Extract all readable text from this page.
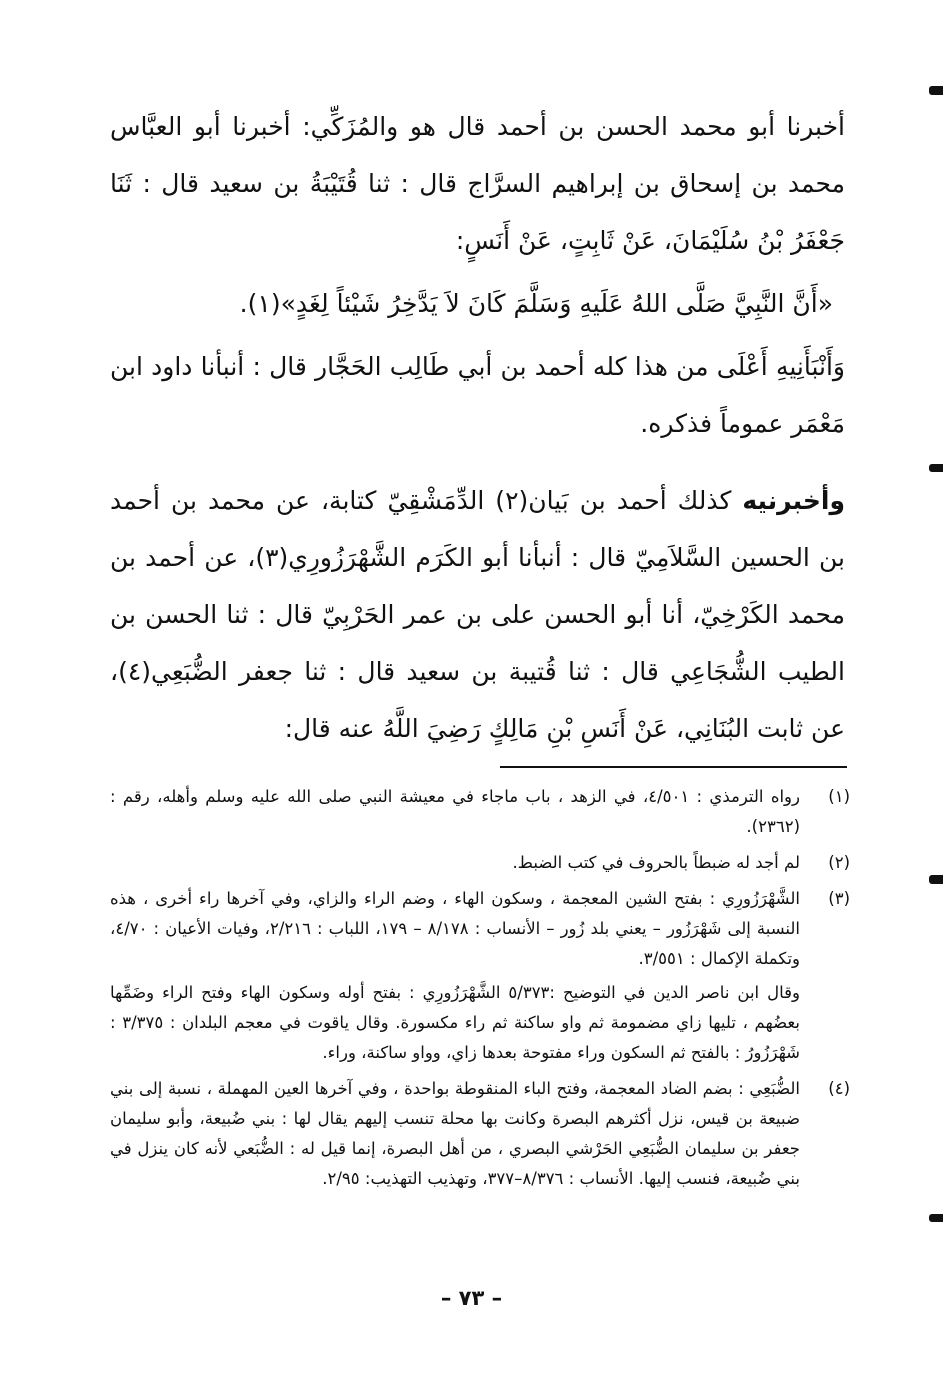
أخبرنا أبو محمد الحسن بن أحمد قال هو والمُزَكِّي: أخبرنا أبو العبَّاس محمد بن إسحاق بن إبراهيم السرَّاج قال : ثنا قُتَيْبَةُ بن سعيد قال : ثَنَا جَعْفَرُ بْنُ سُلَيْمَانَ، عَنْ ثَابِتٍ، عَنْ أَنَسٍ:

«أَنَّ النَّبِيَّ صَلَّى اللهُ عَلَيهِ وَسَلَّمَ كَانَ لاَ يَدَّخِرُ شَيْئاً لِغَدٍ»(١).

وَأَنْبَأَنِيهِ أَعْلَى من هذا كله أحمد بن أبي طَالِب الحَجَّار قال : أنبأنا داود ابن مَعْمَر عموماً فذكره.

وأخبرنيه كذلك أحمد بن بَيان(٢) الدِّمَشْقِيّ كتابة، عن محمد بن أحمد بن الحسين السَّلاَمِيّ قال : أنبأنا أبو الكَرَم الشَّهْرَزُورِي(٣)، عن أحمد بن محمد الكَرْخِيّ، أنا أبو الحسن على بن عمر الحَرْبِيّ قال : ثنا الحسن بن الطيب الشُّجَاعِي قال : ثنا قُتيبة بن سعيد قال : ثنا جعفر الضُّبَعِي(٤)، عن ثابت البُنَانِي، عَنْ أَنَسِ بْنِ مَالِكٍ رَضِيَ اللَّهُ عنه قال:

(١)

رواه الترمذي : ٤/٥٠١، في الزهد ، باب ماجاء في معيشة النبي صلى الله عليه وسلم وأهله، رقم : (٢٣٦٢).

(٢)

لم أجد له ضبطاً بالحروف في كتب الضبط.

(٣)

الشَّهْرَزُورِي : بفتح الشين المعجمة ، وسكون الهاء ، وضم الراء والزاي، وفي آخرها راء أخرى ، هذه النسبة إلى شَهْرَزُور – يعني بلد زُور – الأنساب : ٨/١٧٨ – ١٧٩، اللباب : ٢/٢١٦، وفيات الأعيان : ٤/٧٠، وتكملة الإكمال : ٣/٥٥١.

وقال ابن ناصر الدين في التوضيح :٥/٣٧٣ الشَّهْرَزُورِي : بفتح أوله وسكون الهاء وفتح الراء وضَمِّها بعضُهم ، تليها زاي مضمومة ثم واو ساكنة ثم راء مكسورة. وقال ياقوت في معجم البلدان : ٣/٣٧٥ : شَهْرَزُورُ : بالفتح ثم السكون وراء مفتوحة بعدها زاي، وواو ساكنة، وراء.

(٤)

الضُّبَعِي : بضم الضاد المعجمة، وفتح الباء المنقوطة بواحدة ، وفي آخرها العين المهملة ، نسبة إلى بني ضبيعة بن قيس، نزل أكثرهم البصرة وكانت بها محلة تنسب إليهم يقال لها : بني ضُبيعة، وأبو سليمان جعفر بن سليمان الضُّبَعِي الحَرْشي البصري ، من أهل البصرة، إنما قيل له : الضُّبَعي لأنه كان ينزل في بني ضُبيعة، فنسب إليها. الأنساب : ٨/٣٧٦–٣٧٧، وتهذيب التهذيب: ٢/٩٥.

– ٧٣ –
